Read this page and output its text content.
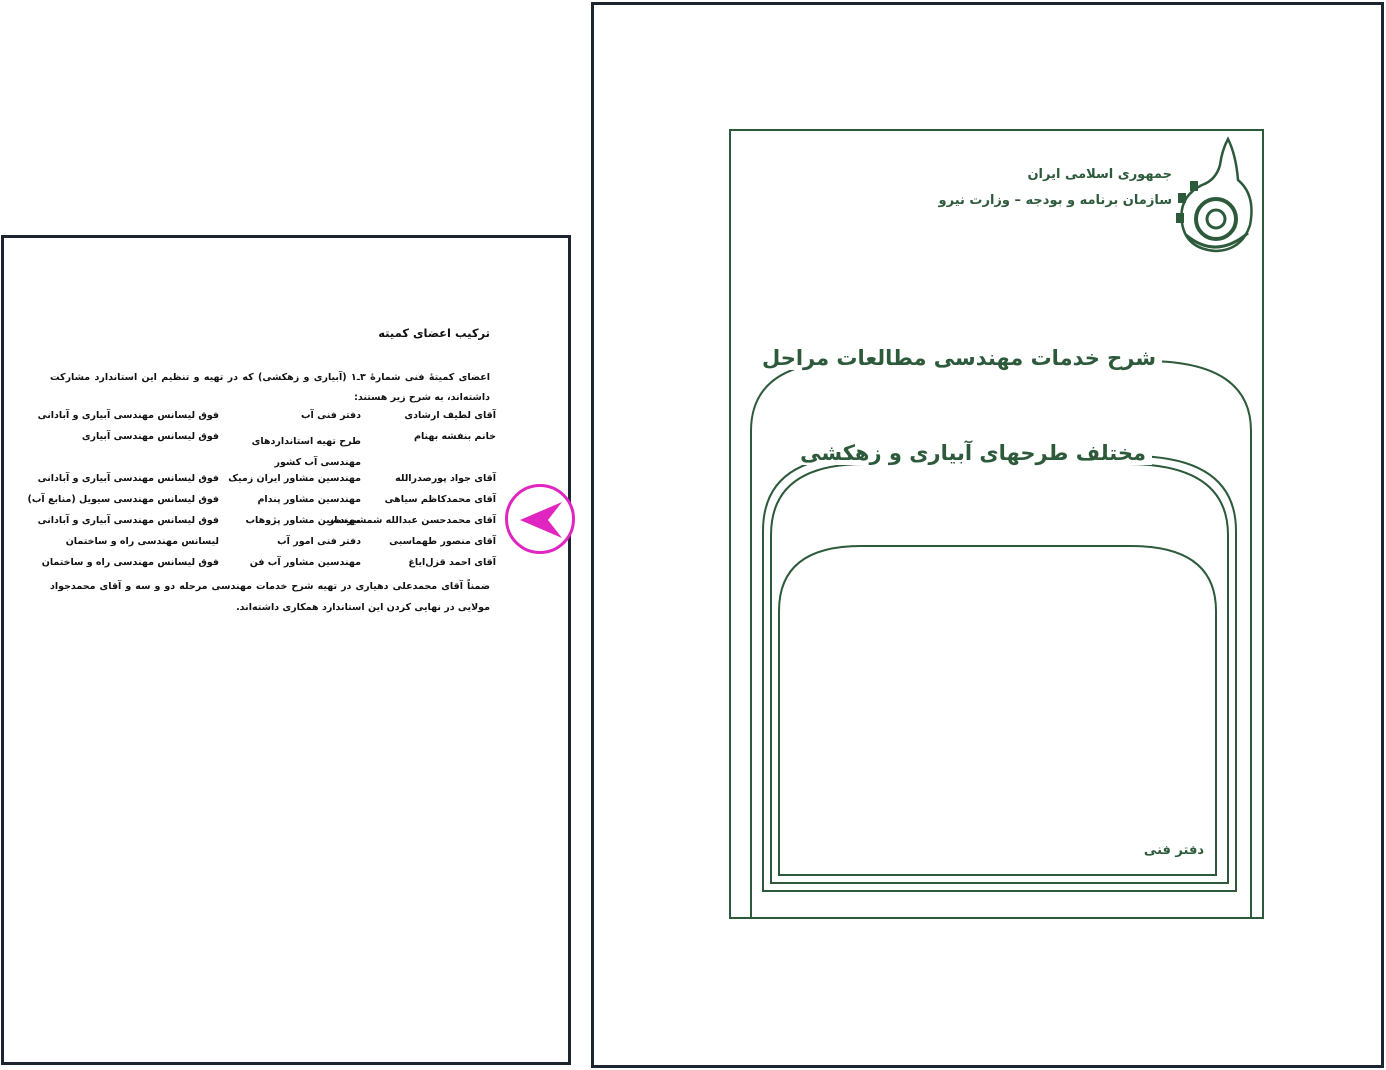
ترکیب اعضای کمیته
اعضای کمیتهٔ فنی شمارهٔ ۳ـ۱ (آبیاری و زهکشی) که در تهیه و تنظیم این استاندارد مشارکت داشته‌اند، به شرح زیر هستند:
آقای لطیف ارشادی
دفتر فنی آب
فوق لیسانس مهندسی آبیاری و آبادانی
خانم بنفشه بهنام
طرح تهیه استانداردهای مهندسی آب کشور
فوق لیسانس مهندسی آبیاری
آقای جواد پورصدرالله
مهندسین مشاور ایران زمیک
فوق لیسانس مهندسی آبیاری و آبادانی
آقای محمدکاظم سیاهی
مهندسین مشاور پندام
فوق لیسانس مهندسی سیویل (منابع آب)
آقای محمدحسن عبدالله شمشیرساز
مهندسین مشاور پژوهاب
فوق لیسانس مهندسی آبیاری و آبادانی
آقای منصور طهماسبی
دفتر فنی امور آب
لیسانس مهندسی راه و ساختمان
آقای احمد قزل‌ایاغ
مهندسین مشاور آب فن
فوق لیسانس مهندسی راه و ساختمان
ضمناً آقای محمدعلی دهیاری در تهیه شرح خدمات مهندسی مرحله دو و سه و آقای محمدجواد مولایی در نهایی کردن این استاندارد همکاری داشته‌اند.
جمهوری اسلامی ایران
سازمان برنامه و بودجه – وزارت نیرو
شرح خدمات مهندسی مطالعات مراحل
مختلف طرحهای آبیاری و زهکشی
دفتر فنی
